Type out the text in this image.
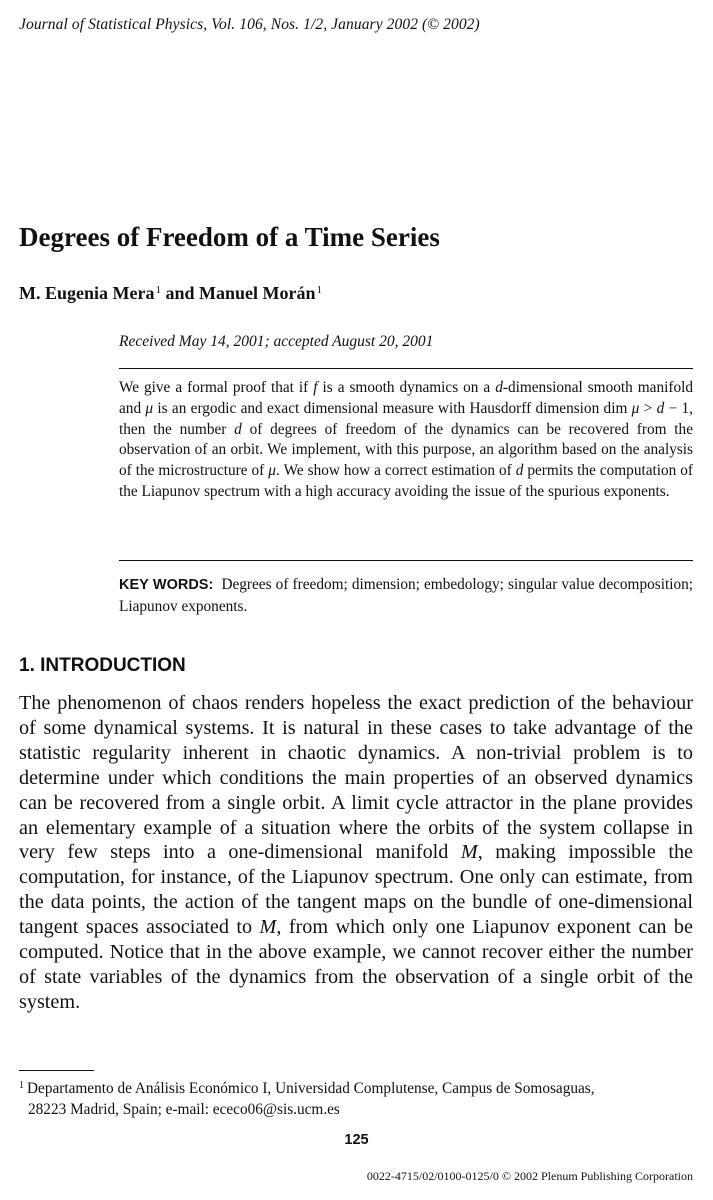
Journal of Statistical Physics, Vol. 106, Nos. 1/2, January 2002 (© 2002)
Degrees of Freedom of a Time Series
M. Eugenia Mera$^1$ and Manuel Morán$^1$
Received May 14, 2001; accepted August 20, 2001

We give a formal proof that if f is a smooth dynamics on a d-dimensional smooth manifold and μ is an ergodic and exact dimensional measure with Hausdorff dimension dim μ > d − 1, then the number d of degrees of freedom of the dynamics can be recovered from the observation of an orbit. We implement, with this purpose, an algorithm based on the analysis of the microstructure of μ. We show how a correct estimation of d permits the computation of the Liapunov spectrum with a high accuracy avoiding the issue of the spurious exponents.

KEY WORDS: Degrees of freedom; dimension; embedology; singular value decomposition; Liapunov exponents.
1. INTRODUCTION

The phenomenon of chaos renders hopeless the exact prediction of the behaviour of some dynamical systems. It is natural in these cases to take advantage of the statistic regularity inherent in chaotic dynamics. A non-trivial problem is to determine under which conditions the main properties of an observed dynamics can be recovered from a single orbit. A limit cycle attractor in the plane provides an elementary example of a situation where the orbits of the system collapse in very few steps into a one-dimensional manifold M, making impossible the computation, for instance, of the Liapunov spectrum. One only can estimate, from the data points, the action of the tangent maps on the bundle of one-dimensional tangent spaces associated to M, from which only one Liapunov exponent can be computed. Notice that in the above example, we cannot recover either the number of state variables of the dynamics from the observation of a single orbit of the system.

$^1$ Departamento de Análisis Económico I, Universidad Complutense, Campus de Somosaguas,
28223 Madrid, Spain; e-mail: ececo06@sis.ucm.es
125
0022-4715/02/0100-0125/0 © 2002 Plenum Publishing Corporation
